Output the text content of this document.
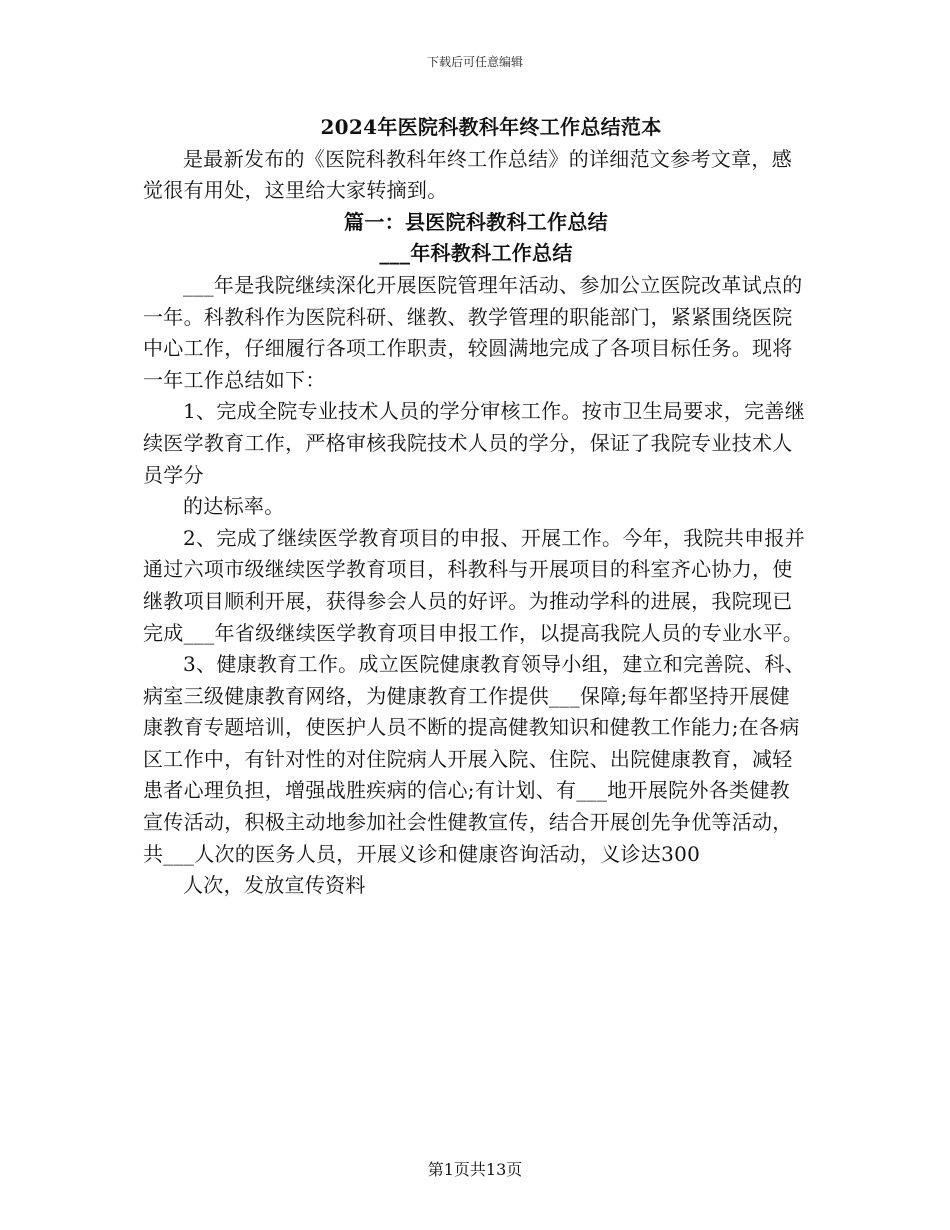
下载后可任意编辑

2024年医院科教科年终工作总结范本

是最新发布的《医院科教科年终工作总结》的详细范文参考文章，感觉很有用处，这里给大家转摘到。

篇一：县医院科教科工作总结

___年科教科工作总结

___年是我院继续深化开展医院管理年活动、参加公立医院改革试点的一年。科教科作为医院科研、继教、教学管理的职能部门，紧紧围绕医院中心工作，仔细履行各项工作职责，较圆满地完成了各项目标任务。现将一年工作总结如下：

1、完成全院专业技术人员的学分审核工作。按市卫生局要求，完善继续医学教育工作，严格审核我院技术人员的学分，保证了我院专业技术人员学分

的达标率。

2、完成了继续医学教育项目的申报、开展工作。今年，我院共申报并通过六项市级继续医学教育项目，科教科与开展项目的科室齐心协力，使继教项目顺利开展，获得参会人员的好评。为推动学科的进展，我院现已完成___年省级继续医学教育项目申报工作，以提高我院人员的专业水平。

3、健康教育工作。成立医院健康教育领导小组，建立和完善院、科、病室三级健康教育网络，为健康教育工作提供___保障;每年都坚持开展健康教育专题培训，使医护人员不断的提高健教知识和健教工作能力;在各病区工作中，有针对性的对住院病人开展入院、住院、出院健康教育，减轻患者心理负担，增强战胜疾病的信心;有计划、有___地开展院外各类健教宣传活动，积极主动地参加社会性健教宣传，结合开展创先争优等活动，共___人次的医务人员，开展义诊和健康咨询活动，义诊达300

人次，发放宣传资料

第1页共13页
